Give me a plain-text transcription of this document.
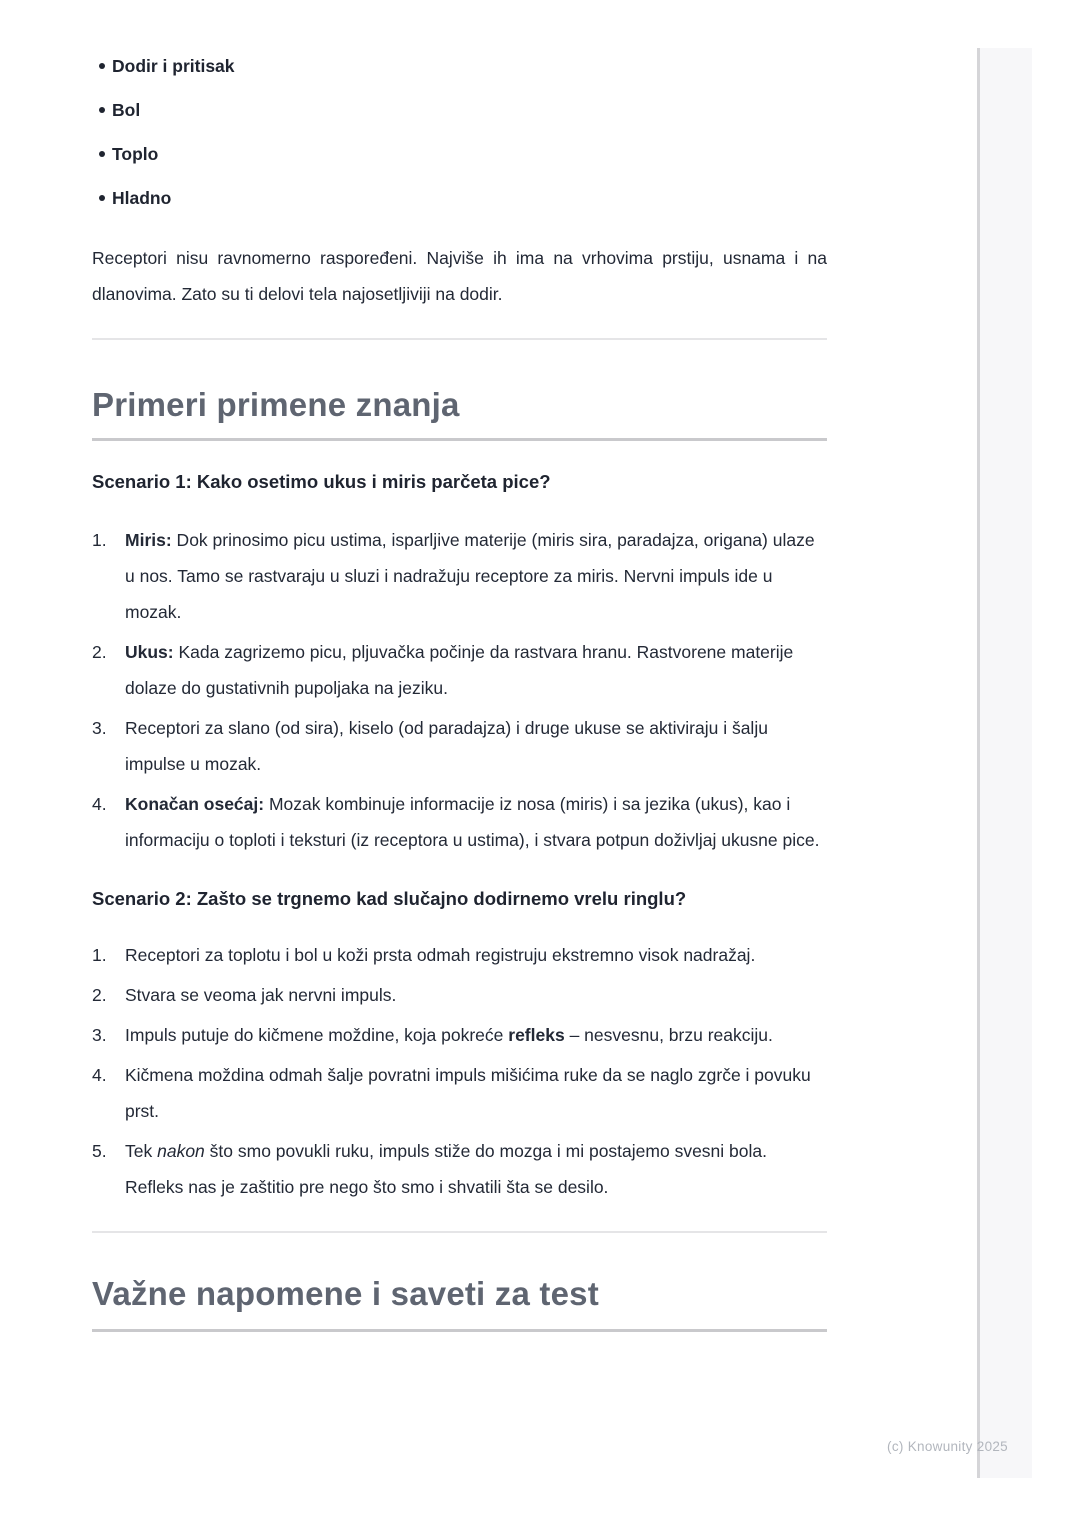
Dodir i pritisak
Bol
Toplo
Hladno

Receptori nisu ravnomerno raspoređeni. Najviše ih ima na vrhovima prstiju, usnama i na dlanovima. Zato su ti delovi tela najosetljiviji na dodir.

Primeri primene znanja
Scenario 1: Kako osetimo ukus i miris parčeta pice?
Miris: Dok prinosimo picu ustima, isparljive materije (miris sira, paradajza, origana) ulaze u nos. Tamo se rastvaraju u sluzi i nadražuju receptore za miris. Nervni impuls ide u mozak.
Ukus: Kada zagrizemo picu, pljuvačka počinje da rastvara hranu. Rastvorene materije dolaze do gustativnih pupoljaka na jeziku.
Receptori za slano (od sira), kiselo (od paradajza) i druge ukuse se aktiviraju i šalju impulse u mozak.
Konačan osećaj: Mozak kombinuje informacije iz nosa (miris) i sa jezika (ukus), kao i informaciju o toploti i teksturi (iz receptora u ustima), i stvara potpun doživljaj ukusne pice.
Scenario 2: Zašto se trgnemo kad slučajno dodirnemo vrelu ringlu?
Receptori za toplotu i bol u koži prsta odmah registruju ekstremno visok nadražaj.
Stvara se veoma jak nervni impuls.
Impuls putuje do kičmene moždine, koja pokreće refleks – nesvesnu, brzu reakciju.
Kičmena moždina odmah šalje povratni impuls mišićima ruke da se naglo zgrče i povuku prst.
Tek nakon što smo povukli ruku, impuls stiže do mozga i mi postajemo svesni bola. Refleks nas je zaštitio pre nego što smo i shvatili šta se desilo.
Važne napomene i saveti za test
(c) Knowunity 2025
